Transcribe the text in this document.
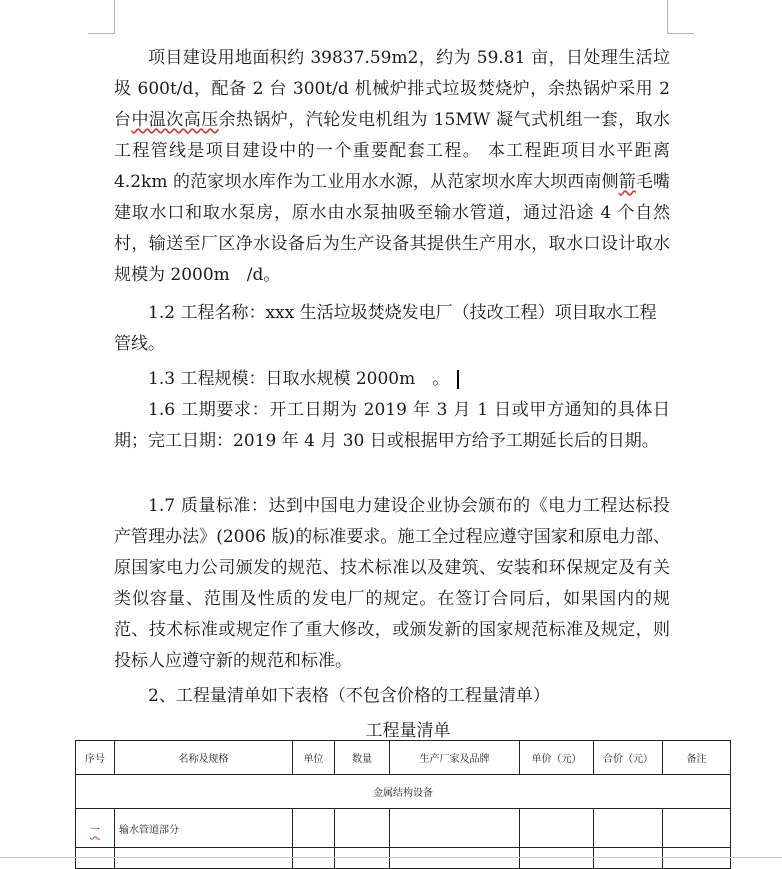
项目建设用地面积约 39837.59m2，约为 59.81 亩，日处理生活垃圾 600t/d，配备 2 台 300t/d 机械炉排式垃圾焚烧炉，余热锅炉采用 2 台中温次高压余热锅炉，汽轮发电机组为 15MW 凝气式机组一套，取水工程管线是项目建设中的一个重要配套工程。 本工程距项目水平距离 4.2km 的范家坝水库作为工业用水水源，从范家坝水库大坝西南侧箭毛嘴建取水口和取水泵房，原水由水泵抽吸至输水管道，通过沿途 4 个自然村，输送至厂区净水设备后为生产设备其提供生产用水，取水口设计取水规模为 2000m　/d。

1.2 工程名称：xxx 生活垃圾焚烧发电厂（技改工程）项目取水工程管线。

1.3 工程规模：日取水规模 2000m　。

1.6 工期要求：开工日期为 2019 年 3 月 1 日或甲方通知的具体日期；完工日期：2019 年 4 月 30 日或根据甲方给予工期延长后的日期。

1.7 质量标准：达到中国电力建设企业协会颁布的《电力工程达标投产管理办法》(2006 版)的标准要求。施工全过程应遵守国家和原电力部、原国家电力公司颁发的规范、技术标准以及建筑、安装和环保规定及有关类似容量、范围及性质的发电厂的规定。在签订合同后，如果国内的规范、技术标准或规定作了重大修改，或颁发新的国家规范标准及规定，则投标人应遵守新的规范和标准。

2、工程量清单如下表格（不包含价格的工程量清单）

工程量清单

序号	名称及规格	单位	数量	生产厂家及品牌	单价（元）	合价（元）	备注
金属结构设备							
一	输水管道部分						
